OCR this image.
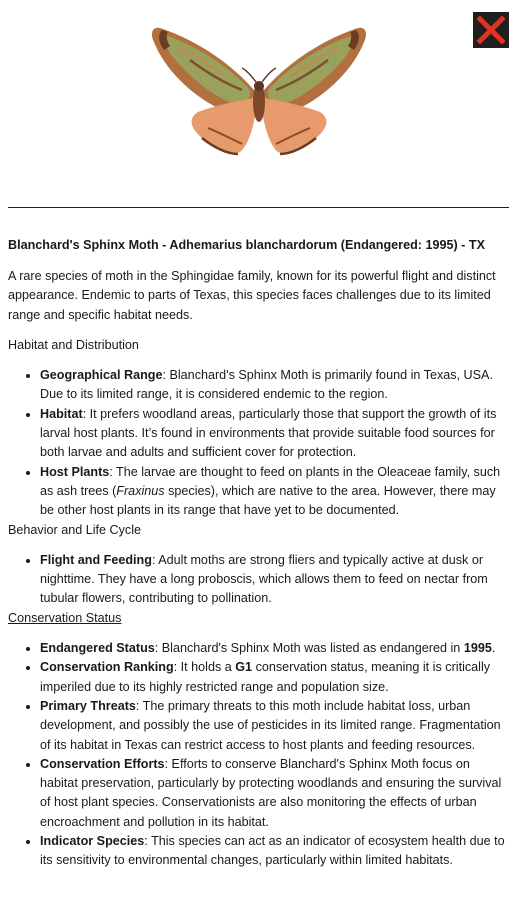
Blanchard's Sphinx Moth - Adhemarius blanchardorum (Endangered: 1995) - TX

A rare species of moth in the Sphingidae family, known for its powerful flight and distinct appearance. Endemic to parts of Texas, this species faces challenges due to its limited range and specific habitat needs.

Habitat and Distribution
• Geographical Range: Blanchard's Sphinx Moth is primarily found in Texas, USA. Due to its limited range, it is considered endemic to the region.
• Habitat: It prefers woodland areas, particularly those that support the growth of its larval host plants. It’s found in environments that provide suitable food sources for both larvae and adults and sufficient cover for protection.
• Host Plants: The larvae are thought to feed on plants in the Oleaceae family, such as ash trees (Fraxinus species), which are native to the area. However, there may be other host plants in its range that have yet to be documented.
Behavior and Life Cycle
• Flight and Feeding: Adult moths are strong fliers and typically active at dusk or nighttime. They have a long proboscis, which allows them to feed on nectar from tubular flowers, contributing to pollination.
Conservation Status
• Endangered Status: Blanchard's Sphinx Moth was listed as endangered in 1995.
• Conservation Ranking: It holds a G1 conservation status, meaning it is critically imperiled due to its highly restricted range and population size.
• Primary Threats: The primary threats to this moth include habitat loss, urban development, and possibly the use of pesticides in its limited range. Fragmentation of its habitat in Texas can restrict access to host plants and feeding resources.
• Conservation Efforts: Efforts to conserve Blanchard's Sphinx Moth focus on habitat preservation, particularly by protecting woodlands and ensuring the survival of host plant species. Conservationists are also monitoring the effects of urban encroachment and pollution in its habitat.
• Indicator Species: This species can act as an indicator of ecosystem health due to its sensitivity to environmental changes, particularly within limited habitats.
